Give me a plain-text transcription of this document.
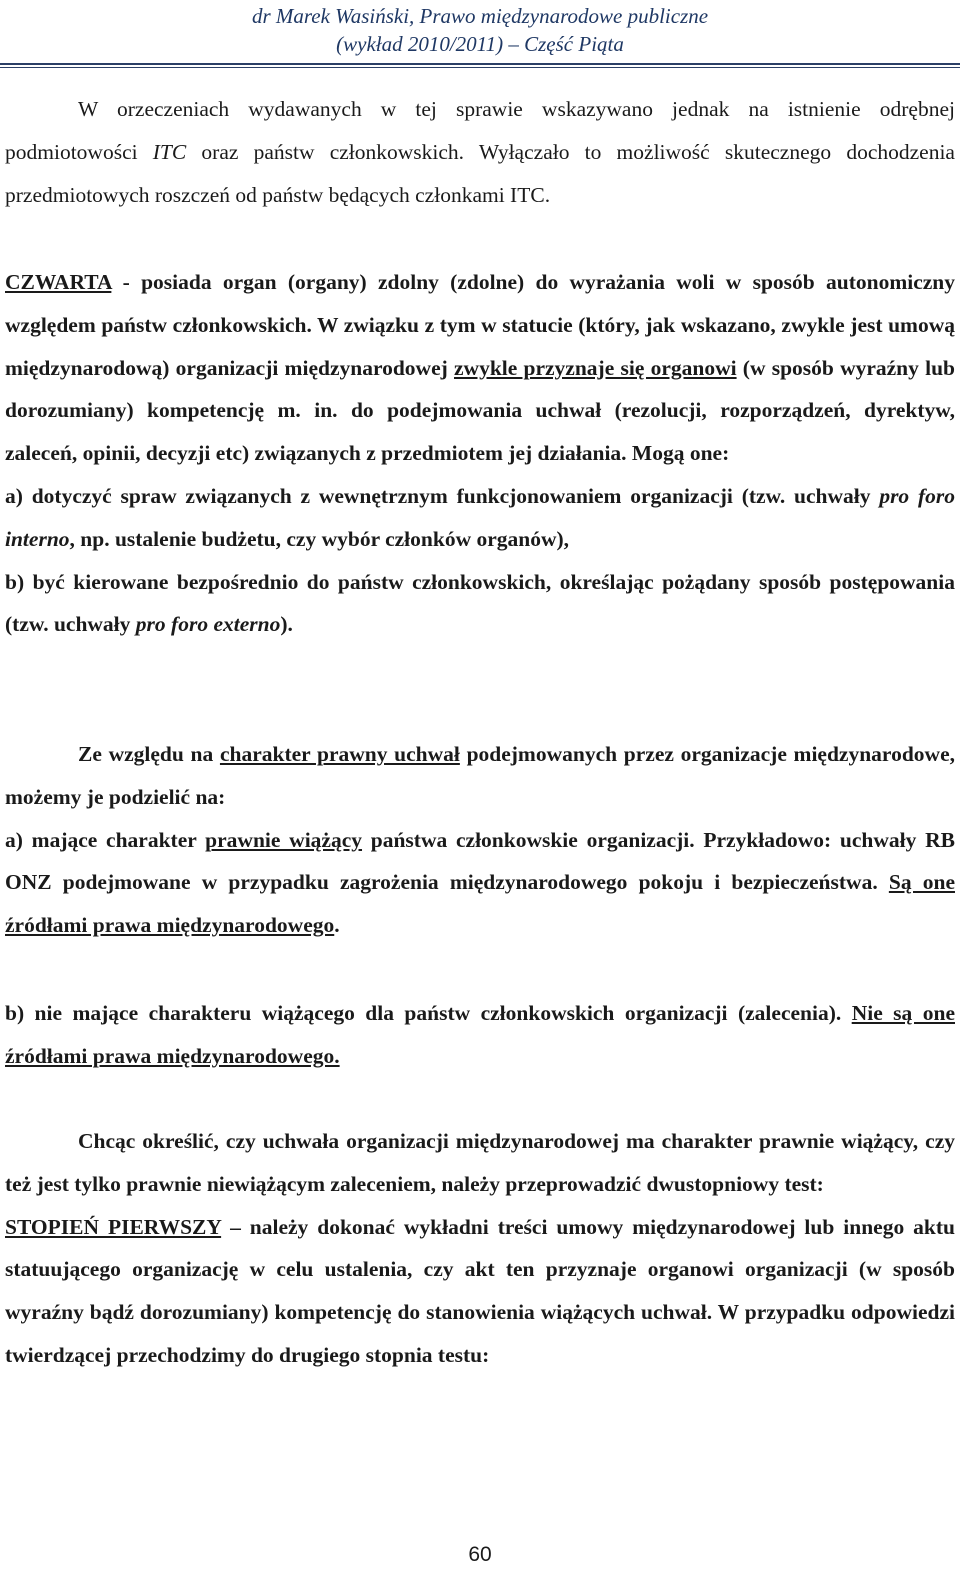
dr Marek Wasiński, Prawo międzynarodowe publiczne
(wykład 2010/2011) – Część Piąta

W orzeczeniach wydawanych w tej sprawie wskazywano jednak na istnienie odrębnej podmiotowości ITC oraz państw członkowskich. Wyłączało to możliwość skutecznego dochodzenia przedmiotowych roszczeń od państw będących członkami ITC.

CZWARTA - posiada organ (organy) zdolny (zdolne) do wyrażania woli w sposób autonomiczny względem państw członkowskich. W związku z tym w statucie (który, jak wskazano, zwykle jest umową międzynarodową) organizacji międzynarodowej zwykle przyznaje się organowi (w sposób wyraźny lub dorozumiany) kompetencję m. in. do podejmowania uchwał (rezolucji, rozporządzeń, dyrektyw, zaleceń, opinii, decyzji etc) związanych z przedmiotem jej działania. Mogą one:

a) dotyczyć spraw związanych z wewnętrznym funkcjonowaniem organizacji (tzw. uchwały pro foro interno, np. ustalenie budżetu, czy wybór członków organów),

b) być kierowane bezpośrednio do państw członkowskich, określając pożądany sposób postępowania (tzw. uchwały pro foro externo).

Ze względu na charakter prawny uchwał podejmowanych przez organizacje międzynarodowe, możemy je podzielić na:

a) mające charakter prawnie wiążący państwa członkowskie organizacji. Przykładowo: uchwały RB ONZ podejmowane w przypadku zagrożenia międzynarodowego pokoju i bezpieczeństwa. Są one źródłami prawa międzynarodowego.

b) nie mające charakteru wiążącego dla państw członkowskich organizacji (zalecenia). Nie są one źródłami prawa międzynarodowego.

Chcąc określić, czy uchwała organizacji międzynarodowej ma charakter prawnie wiążący, czy też jest tylko prawnie niewiążącym zaleceniem, należy przeprowadzić dwustopniowy test:

STOPIEŃ PIERWSZY – należy dokonać wykładni treści umowy międzynarodowej lub innego aktu statuującego organizację w celu ustalenia, czy akt ten przyznaje organowi organizacji (w sposób wyraźny bądź dorozumiany) kompetencję do stanowienia wiążących uchwał. W przypadku odpowiedzi twierdzącej przechodzimy do drugiego stopnia testu:

60
